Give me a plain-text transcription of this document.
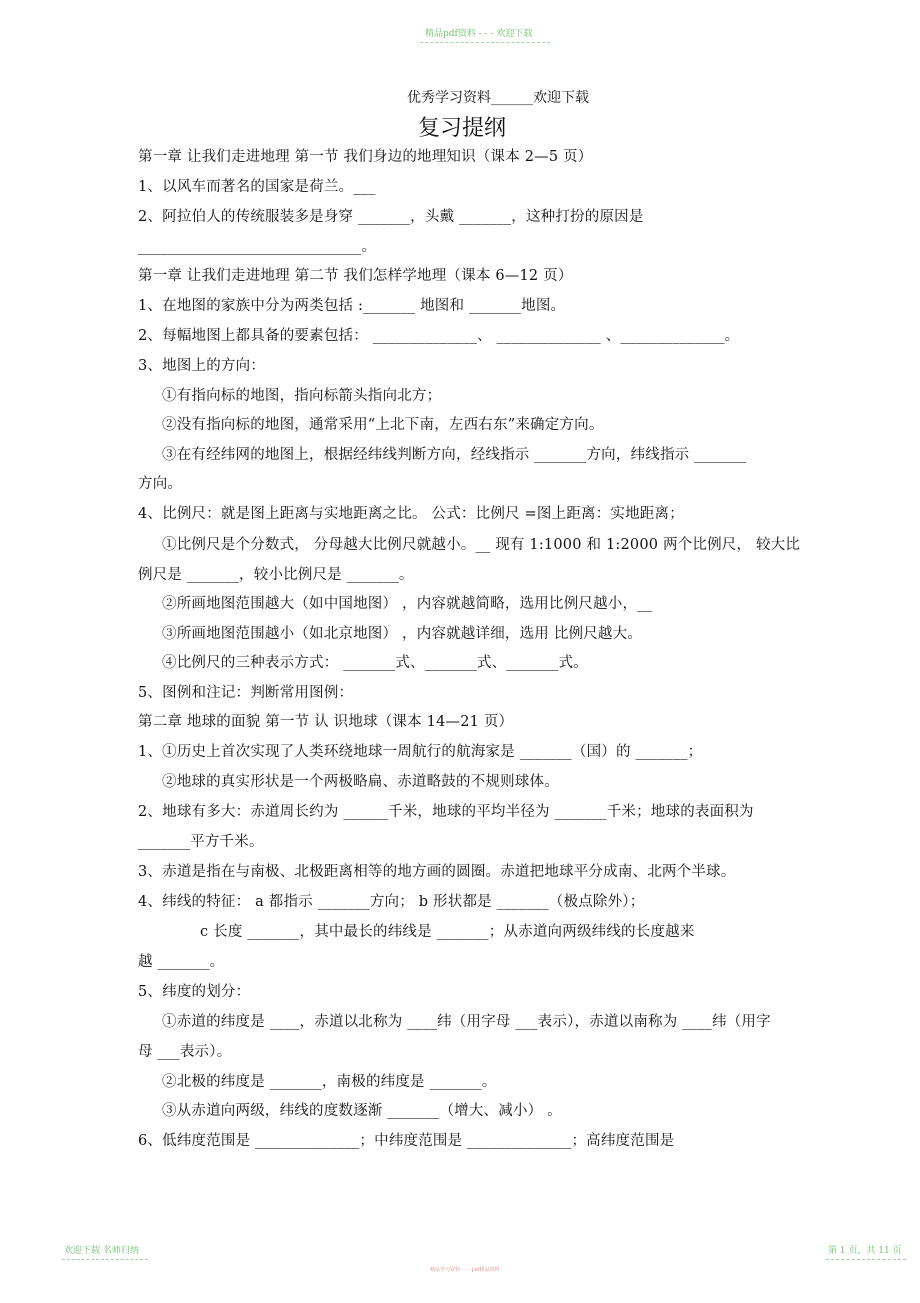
精品pdf资料 - - - 欢迎下载
优秀学习资料______欢迎下载
复习提纲
第一章 让我们走进地理 第一节 我们身边的地理知识（课本 2—5 页）
1、以风车而著名的国家是荷兰。___
2、阿拉伯人的传统服装多是身穿 _______，头戴 _______，这种打扮的原因是
______________________________。
第一章 让我们走进地理 第二节 我们怎样学地理（课本 6—12 页）
1、在地图的家族中分为两类包括 :_______ 地图和 _______地图。
2、每幅地图上都具备的要素包括： ______________、 ______________ 、______________。
3、地图上的方向：
①有指向标的地图，指向标箭头指向北方；
②没有指向标的地图，通常采用“上北下南，左西右东”来确定方向。
③在有经纬网的地图上，根据经纬线判断方向，经线指示 _______方向，纬线指示 _______
方向。
4、比例尺：就是图上距离与实地距离之比。 公式：比例尺 =图上距离：实地距离；
①比例尺是个分数式， 分母越大比例尺就越小。__ 现有 1:1000 和 1:2000 两个比例尺， 较大比
例尺是 _______，较小比例尺是 _______。
②所画地图范围越大（如中国地图） ，内容就越简略，选用比例尺越小，__
③所画地图范围越小（如北京地图） ，内容就越详细，选用 比例尺越大。
④比例尺的三种表示方式： _______式、_______式、_______式。
5、图例和注记：判断常用图例：
第二章 地球的面貌 第一节 认 识地球（课本 14—21 页）
1、①历史上首次实现了人类环绕地球一周航行的航海家是 _______（国）的 _______；
②地球的真实形状是一个两极略扁、赤道略鼓的不规则球体。
2、地球有多大：赤道周长约为 ______千米，地球的平均半径为 _______千米；地球的表面积为
_______平方千米。
3、赤道是指在与南极、北极距离相等的地方画的圆圈。赤道把地球平分成南、北两个半球。
4、纬线的特征： a 都指示 _______方向； b 形状都是 _______（极点除外）；
c 长度 _______，其中最长的纬线是 _______；从赤道向两级纬线的长度越来
越 _______。
5、纬度的划分：
①赤道的纬度是 ____，赤道以北称为 ____纬（用字母 ___表示），赤道以南称为 ____纬（用字
母 ___表示）。
②北极的纬度是 _______，南极的纬度是 _______。
③从赤道向两级，纬线的度数逐渐 _______（增大、减小） 。
6、低纬度范围是 ______________；中纬度范围是 ______________；高纬度范围是
欢迎下载 名师归纳	第 1 页，共 11 页
精品学习资料 - - - pdf精品资料
